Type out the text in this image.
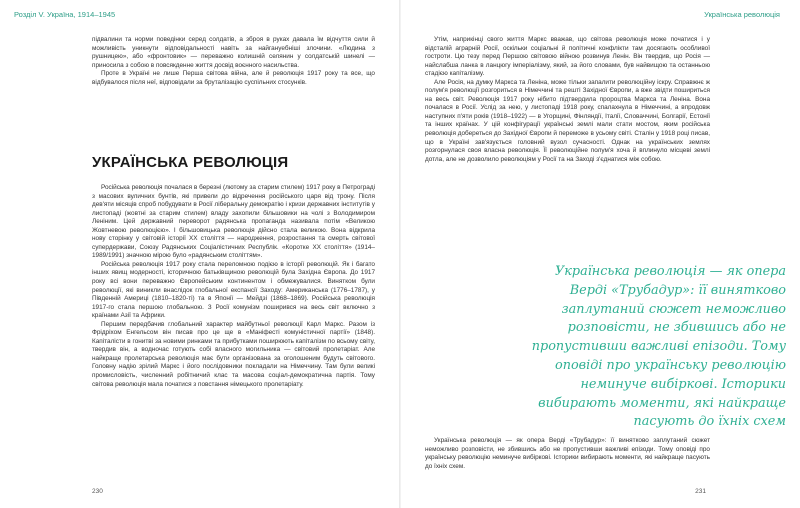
Розділ V. Україна, 1914–1945

підвалини та норми поведінки серед солдатів, а зброя в руках давала їм відчуття сили й можливість уникнути відповідальності навіть за найгануебніші злочини. «Людина з рушницею», або «фронтовик» — переважно колишній селянин у солдатській шинелі — приносила з собою в повсякденне життя досвід воєнного насильства.

Проте в Україні не лише Перша світова війна, але й революція 1917 року та все, що відбувалося після неї, відповідали за бруталізацію суспільних стосунків.

УКРАЇНСЬКА РЕВОЛЮЦІЯ

Російська революція почалася в березні (лютому за старим стилем) 1917 року в Петрограді з масових вуличних бунтів, які привели до відречення російського царя від трону. Після дев'яти місяців спроб побудувати в Росії ліберальну демократію і кризи державних інститутів у листопаді (жовтні за старим стилем) владу захопили більшовики на чолі з Володимиром Леніним. Цей державний переворот радянська пропаганда називала потім «Великою Жовтневою революцією». І більшовицька революція дійсно стала великою. Вона відкрила нову сторінку у світовій історії XX століття — народження, розростання та смерть світової супердержави, Союзу Радянських Соціалістичних Республік. «Коротке XX століття» (1914–1989/1991) значною мірою було «радянським століттям».

Російська революція 1917 року стала переломною подією в історії революцій. Як і багато інших явищ модерності, історичною батьківщиною революцій була Західна Європа. До 1917 року всі вони переважно Європейським континентом і обмежувалися. Винятком були революції, які виникли внаслідок глобальної експансії Заходу: Американська (1776–1787), у Південній Америці (1810–1820-ті) та в Японії — Мейдзі (1868–1869). Російська революція 1917-го стала першою глобальною. З Росії комунізм поширився на весь світ включно з країнами Азії та Африки.

Першим передбачив глобальний характер майбутньої революції Карл Маркс. Разом із Фрідріхом Енгельсом він писав про це ще в «Маніфесті комуністичної партії» (1848). Капіталісти в гонитві за новими ринками та прибутками поширюють капіталізм по всьому світу, твердив він, а водночас готують собі власного могильника — світовий пролетаріат. Але найкраще пролетарська революція має бути організована за оголошеним будуть світового. Головну надію зрілий Маркс і його послідовники покладали на Німеччину. Там були великі промисловість, численний робітничий клас та масова соціал-демократична партія. Тому світова революція мала початися з повстання німецького пролетаріату.

230
Українська революція

Утім, наприкінці свого життя Маркс вважав, що світова революція може початися і у відсталій аграрній Росії, оскільки соціальні й політичні конфлікти там досягають особливої гостроти. Цю тезу перед Першою світовою війною розвинув Ленін. Він твердив, що Росія — найслабша ланка в ланцюгу імперіалізму, який, за його словами, був найвищою та останньою стадією капіталізму.

Але Росія, на думку Маркса та Леніна, може тільки запалити революційну іскру. Справжнє ж полум'я революції розгориться в Німеччині та решті Західної Європи, а вже звідти пошириться на весь світ. Революція 1917 року нібито підтвердила пророцтва Маркса та Леніна. Вона почалася в Росії. Услід за нею, у листопаді 1918 року, спалахнула в Німеччині, а впродовж наступних п'яти років (1918–1922) — в Угорщині, Фінляндії, Італії, Словаччині, Болгарії, Естонії та інших країнах. У цій конфігурації українські землі мали стати мостом, яким російська революція добереться до Західної Європи й переможе в усьому світі. Сталін у 1918 році писав, що в Україні зав'язується головний вузол сучасності. Однак на українських землях розгорнулася своя власна революція. Її революційне полум'я хоча й вплинуло місцеві землі дотла, але не дозволило революціям у Росії та на Заході з'єднатися між собою.

Українська революція — як опера Верді «Трубадур»: її винятково заплутаний сюжет неможливо розповісти, не збившись або не пропустивши важливі епізоди. Тому оповіді про українську революцію неминуче вибіркові. Історики вибирають моменти, які найкраще пасують до їхніх схем

Українська революція — як опера Верді «Трубадур»: її винятково заплутаний сюжет неможливо розповісти, не збившись або не пропустивши важливі епізоди. Тому оповіді про українську революцію неминуче вибіркові. Історики вибирають моменти, які найкраще пасують до їхніх схем.

231
